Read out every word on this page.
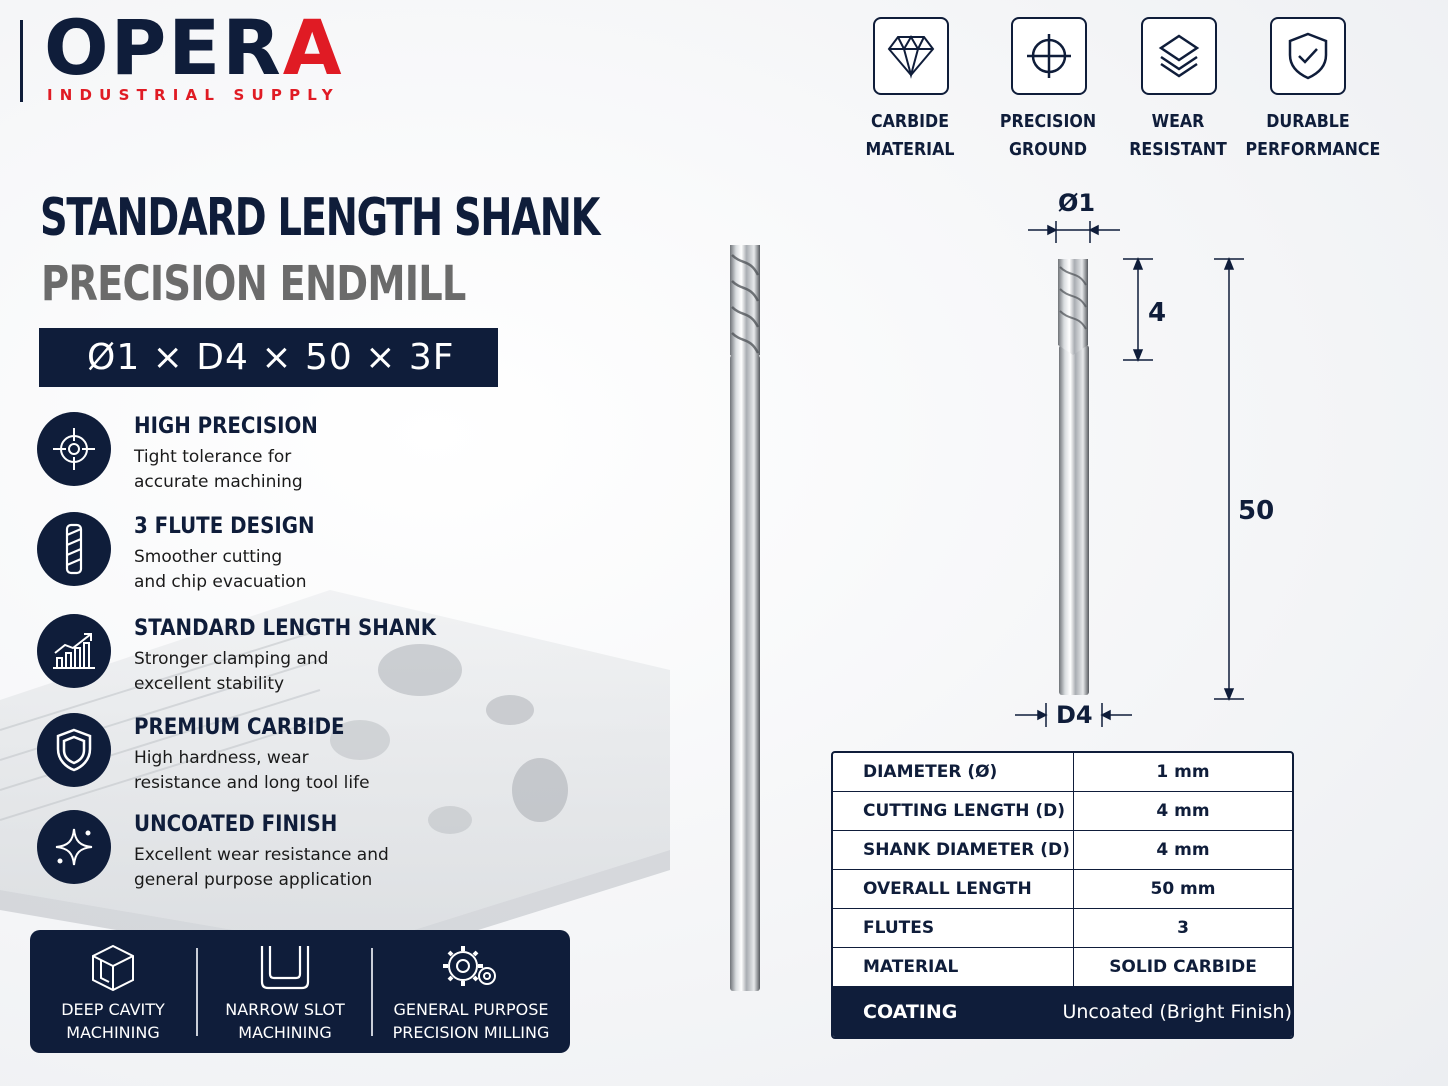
OPERA
INDUSTRIAL SUPPLY
STANDARD LENGTH SHANK
PRECISION ENDMILL
Ø1 × D4 × 50 × 3F
HIGH PRECISION
Tight tolerance for
accurate machining
3 FLUTE DESIGN
Smoother cutting
and chip evacuation
STANDARD LENGTH SHANK
Stronger clamping and
excellent stability
PREMIUM CARBIDE
High hardness, wear
resistance and long tool life
UNCOATED FINISH
Excellent wear resistance and
general purpose application
DEEP CAVITY
MACHINING
NARROW SLOT
MACHINING
GENERAL PURPOSE
PRECISION MILLING
CARBIDE
MATERIAL
PRECISION
GROUND
WEAR
RESISTANT
DURABLE
PERFORMANCE
Ø1
4
50
D4
DIAMETER (Ø)	1 mm
CUTTING LENGTH (D)	4 mm
SHANK DIAMETER (D)	4 mm
OVERALL LENGTH	50 mm
FLUTES	3
MATERIAL	SOLID CARBIDE
COATING	Uncoated (Bright Finish)
